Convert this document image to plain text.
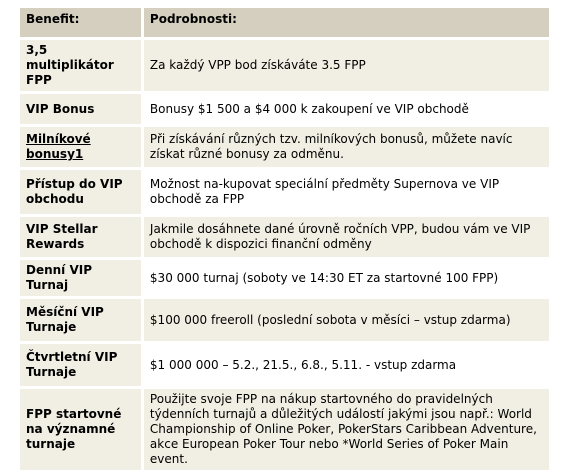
Benefit:	Podrobnosti:
3,5 multiplikátor FPP	Za každý VPP bod získáváte 3.5 FPP
VIP Bonus	Bonusy $1 500 a $4 000 k zakoupení ve VIP obchodě
Milníkové bonusy1	Při získávání různých tzv. milníkových bonusů, můžete navíc získat různé bonusy za odměnu.
Přístup do VIP obchodu	Možnost na-kupovat speciální předměty Supernova ve VIP obchodě za FPP
VIP Stellar Rewards	Jakmile dosáhnete dané úrovně ročních VPP, budou vám ve VIP obchodě k dispozici finanční odměny
Denní VIP Turnaj	$30 000 turnaj (soboty ve 14:30 ET za startovné 100 FPP)
Měsíční VIP Turnaje	$100 000 freeroll (poslední sobota v měsíci – vstup zdarma)
Čtvrtletní VIP Turnaje	$1 000 000 – 5.2., 21.5., 6.8., 5.11. - vstup zdarma
FPP startovné na významné turnaje	Použijte svoje FPP na nákup startovného do pravidelných týdenních turnajů a důležitých událostí jakými jsou např.: World Championship of Online Poker, PokerStars Caribbean Adventure, akce European Poker Tour nebo *World Series of Poker Main event.
